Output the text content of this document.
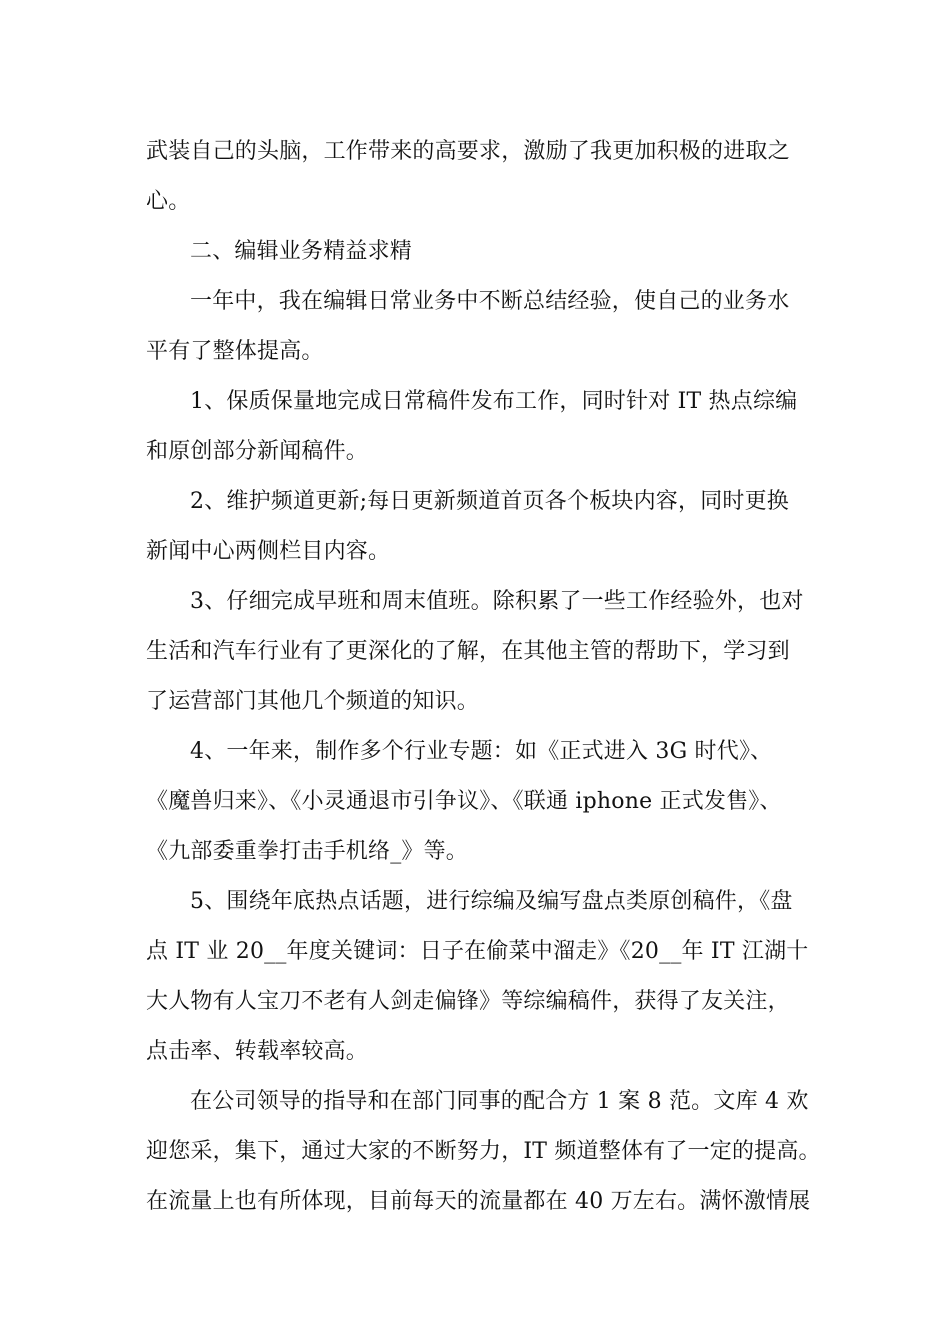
武装自己的头脑，工作带来的高要求，激励了我更加积极的进取之
心。
二、编辑业务精益求精
一年中，我在编辑日常业务中不断总结经验，使自己的业务水
平有了整体提高。
1、保质保量地完成日常稿件发布工作，同时针对 IT 热点综编
和原创部分新闻稿件。
2、维护频道更新;每日更新频道首页各个板块内容，同时更换
新闻中心两侧栏目内容。
3、仔细完成早班和周末值班。除积累了一些工作经验外，也对
生活和汽车行业有了更深化的了解，在其他主管的帮助下，学习到
了运营部门其他几个频道的知识。
4、一年来，制作多个行业专题：如《正式进入 3G 时代》、
《魔兽归来》、《小灵通退市引争议》、《联通 iphone 正式发售》、
《九部委重拳打击手机络_》等。
5、围绕年底热点话题，进行综编及编写盘点类原创稿件，《盘
点 IT 业 20__年度关键词：日子在偷菜中溜走》《20__年 IT 江湖十
大人物有人宝刀不老有人剑走偏锋》等综编稿件，获得了友关注，
点击率、转载率较高。
在公司领导的指导和在部门同事的配合方 1 案 8 范。文库 4 欢
迎您采，集下，通过大家的不断努力，IT 频道整体有了一定的提高。
在流量上也有所体现，目前每天的流量都在 40 万左右。满怀激情展
